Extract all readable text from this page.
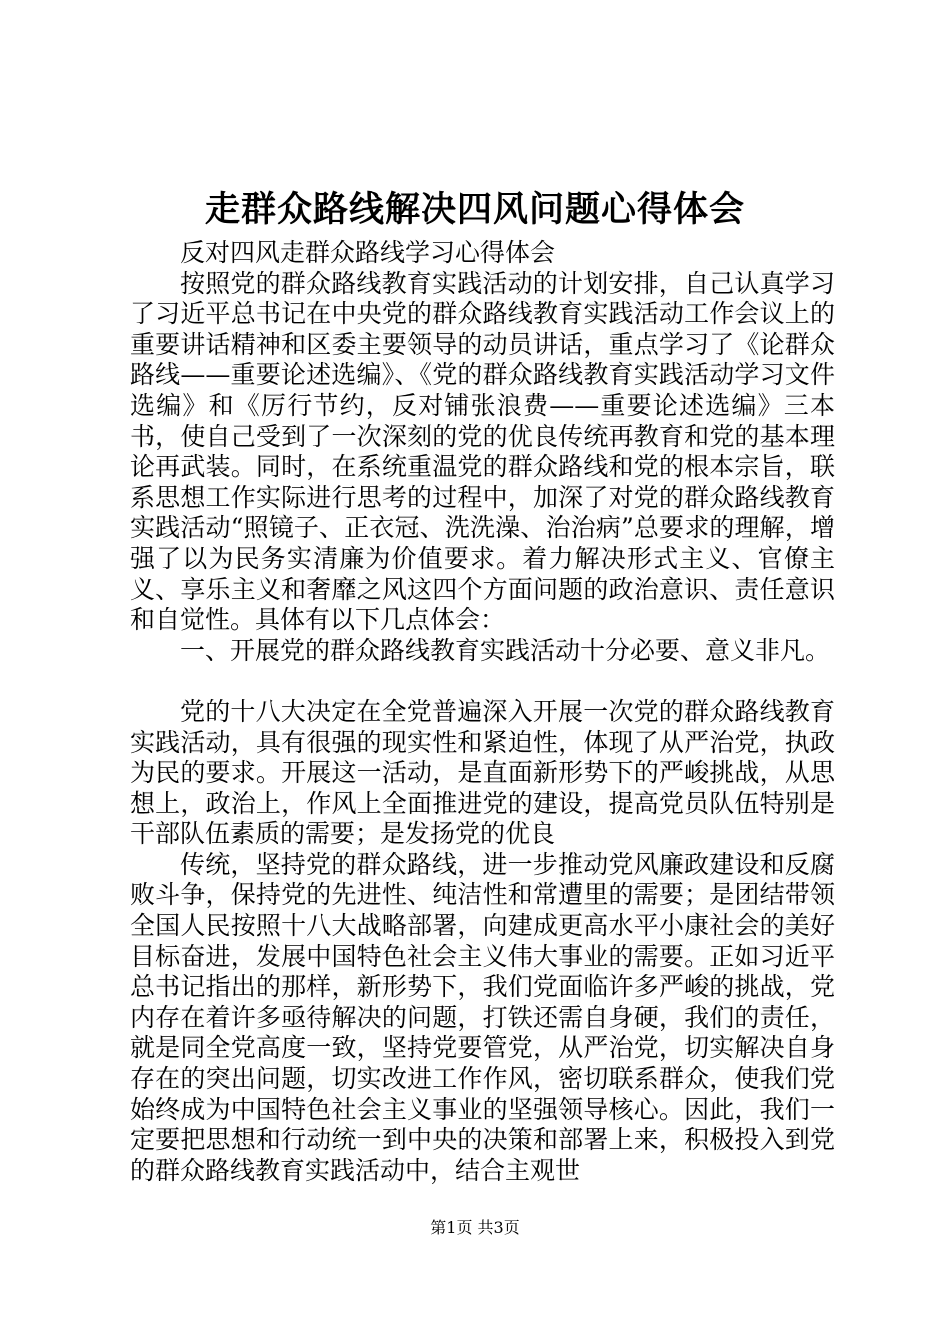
走群众路线解决四风问题心得体会

反对四风走群众路线学习心得体会

按照党的群众路线教育实践活动的计划安排，自己认真学习了习近平总书记在中央党的群众路线教育实践活动工作会议上的重要讲话精神和区委主要领导的动员讲话，重点学习了《论群众路线——重要论述选编》、《党的群众路线教育实践活动学习文件选编》和《厉行节约，反对铺张浪费——重要论述选编》三本书，使自己受到了一次深刻的党的优良传统再教育和党的基本理论再武装。同时，在系统重温党的群众路线和党的根本宗旨，联系思想工作实际进行思考的过程中，加深了对党的群众路线教育实践活动“照镜子、正衣冠、洗洗澡、治治病”总要求的理解，增强了以为民务实清廉为价值要求。着力解决形式主义、官僚主义、享乐主义和奢靡之风这四个方面问题的政治意识、责任意识和自觉性。具体有以下几点体会：

一、开展党的群众路线教育实践活动十分必要、意义非凡。

党的十八大决定在全党普遍深入开展一次党的群众路线教育实践活动，具有很强的现实性和紧迫性，体现了从严治党，执政为民的要求。开展这一活动，是直面新形势下的严峻挑战，从思想上，政治上，作风上全面推进党的建设，提高党员队伍特别是干部队伍素质的需要；是发扬党的优良

传统，坚持党的群众路线，进一步推动党风廉政建设和反腐败斗争，保持党的先进性、纯洁性和常遭里的需要；是团结带领全国人民按照十八大战略部署，向建成更高水平小康社会的美好目标奋进，发展中国特色社会主义伟大事业的需要。正如习近平总书记指出的那样，新形势下，我们党面临许多严峻的挑战，党内存在着许多亟待解决的问题，打铁还需自身硬，我们的责任，就是同全党高度一致，坚持党要管党，从严治党，切实解决自身存在的突出问题，切实改进工作作风，密切联系群众，使我们党始终成为中国特色社会主义事业的坚强领导核心。因此，我们一定要把思想和行动统一到中央的决策和部署上来，积极投入到党的群众路线教育实践活动中，结合主观世

第1页 共3页
